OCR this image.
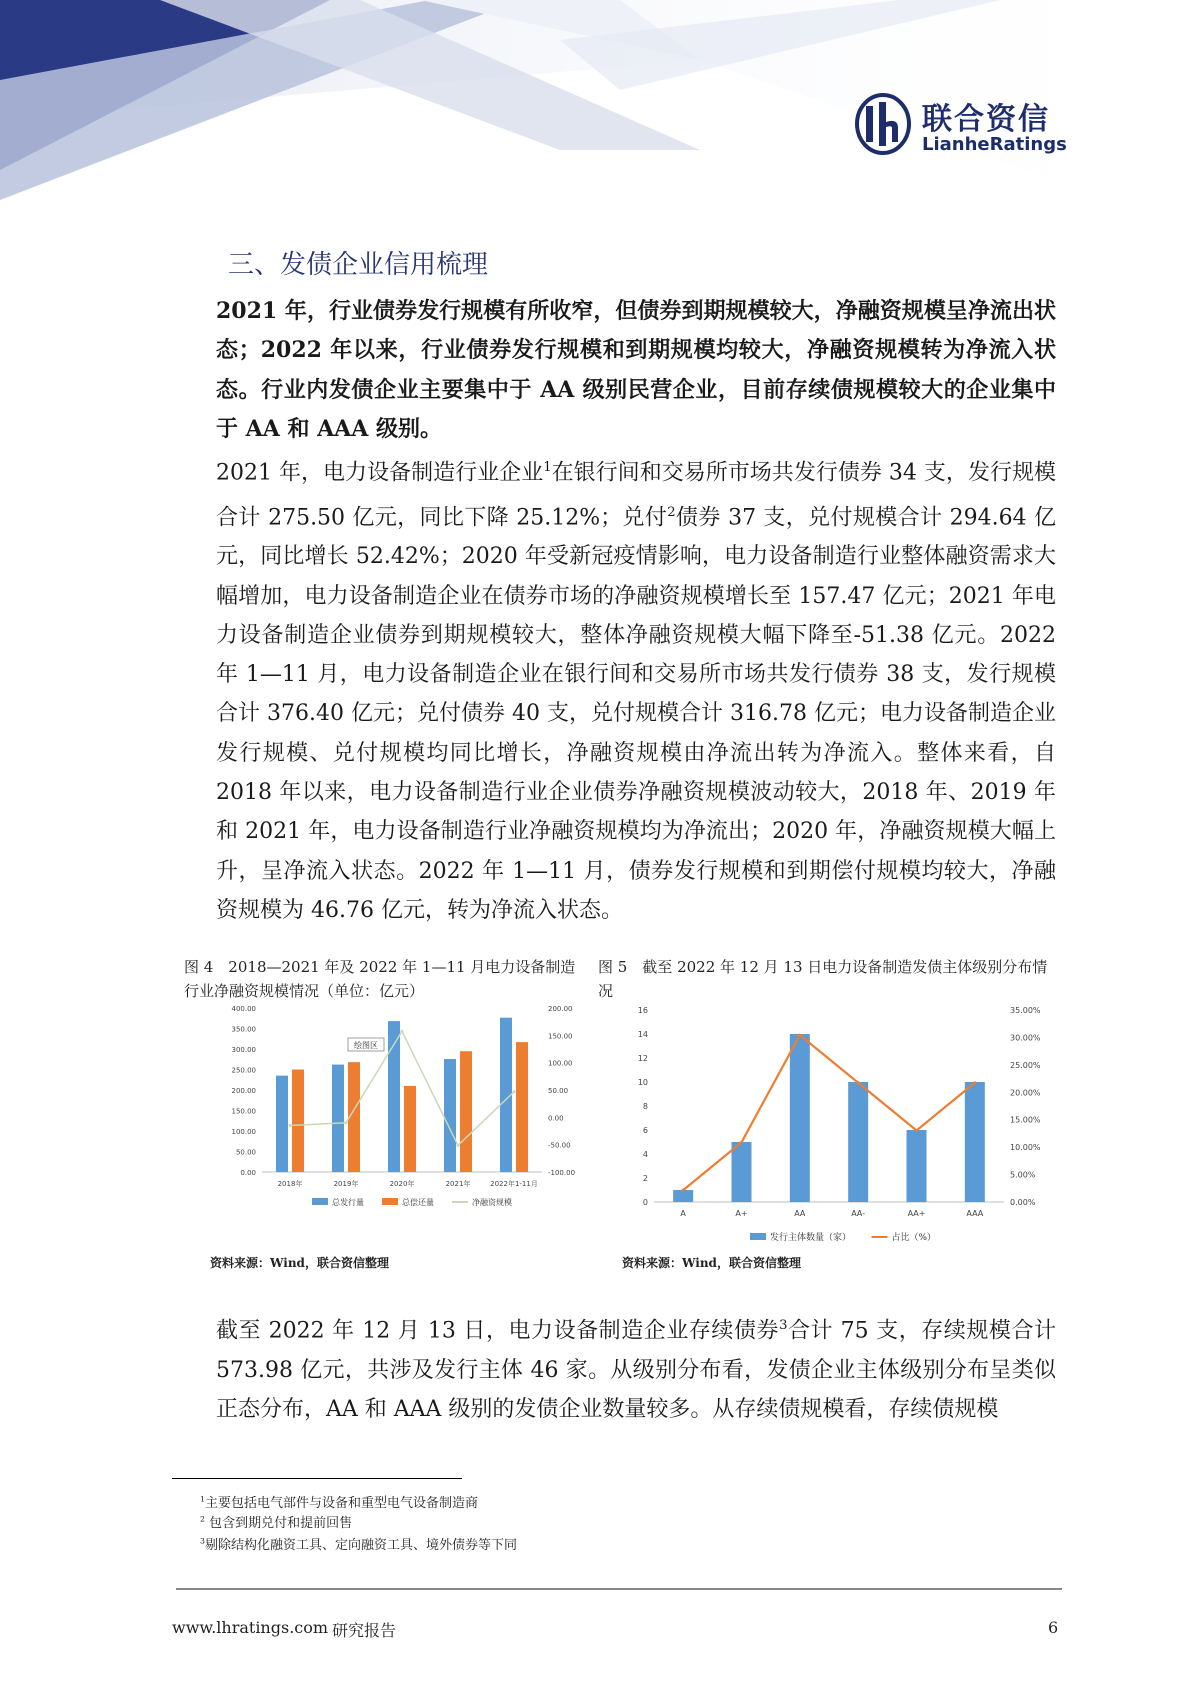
联合资信
LianheRatings
三、发债企业信用梳理
2021 年，行业债券发行规模有所收窄，但债券到期规模较大，净融资规模呈净流出状态；2022 年以来，行业债券发行规模和到期规模均较大，净融资规模转为净流入状态。行业内发债企业主要集中于 AA 级别民营企业，目前存续债规模较大的企业集中于 AA 和 AAA 级别。
2021 年，电力设备制造行业企业$^1$在银行间和交易所市场共发行债券 34 支，发行规模合计 275.50 亿元，同比下降 25.12%；兑付$^2$债券 37 支，兑付规模合计 294.64 亿元，同比增长 52.42%；2020 年受新冠疫情影响，电力设备制造行业整体融资需求大幅增加，电力设备制造企业在债券市场的净融资规模增长至 157.47 亿元；2021 年电力设备制造企业债券到期规模较大，整体净融资规模大幅下降至-51.38 亿元。2022 年 1—11 月，电力设备制造企业在银行间和交易所市场共发行债券 38 支，发行规模合计 376.40 亿元；兑付债券 40 支，兑付规模合计 316.78 亿元；电力设备制造企业发行规模、兑付规模均同比增长，净融资规模由净流出转为净流入。整体来看，自 2018 年以来，电力设备制造行业企业债券净融资规模波动较大，2018 年、2019 年和 2021 年，电力设备制造行业净融资规模均为净流出；2020 年，净融资规模大幅上升，呈净流入状态。2022 年 1—11 月，债券发行规模和到期偿付规模均较大，净融资规模为 46.76 亿元，转为净流入状态。
图 4　2018—2021 年及 2022 年 1—11 月电力设备制造行业净融资规模情况（单位：亿元）
400.00
350.00
300.00
250.00
200.00
150.00
100.00
50.00
0.00
200.00
150.00
100.00
50.00
0.00
-50.00
-100.00
2018年	2019年	2020年	2021年	2022年1-11月
总发行量	总偿还量	净融资规模
绘图区
资料来源：Wind，联合资信整理
图 5　截至 2022 年 12 月 13 日电力设备制造发债主体级别分布情况
16
14
12
10
8
6
4
2
0
35.00%
30.00%
25.00%
20.00%
15.00%
10.00%
5.00%
0.00%
A	A+	AA	AA-	AA+	AAA
发行主体数量（家）	占比（%）
资料来源：Wind，联合资信整理
截至 2022 年 12 月 13 日，电力设备制造企业存续债券$^3$合计 75 支，存续规模合计 573.98 亿元，共涉及发行主体 46 家。从级别分布看，发债企业主体级别分布呈类似正态分布，AA 和 AAA 级别的发债企业数量较多。从存续债规模看，存续债规模
$^1$主要包括电气部件与设备和重型电气设备制造商
$^2$ 包含到期兑付和提前回售
$^3$剔除结构化融资工具、定向融资工具、境外债券等下同
www.lhratings.com 研究报告	6
